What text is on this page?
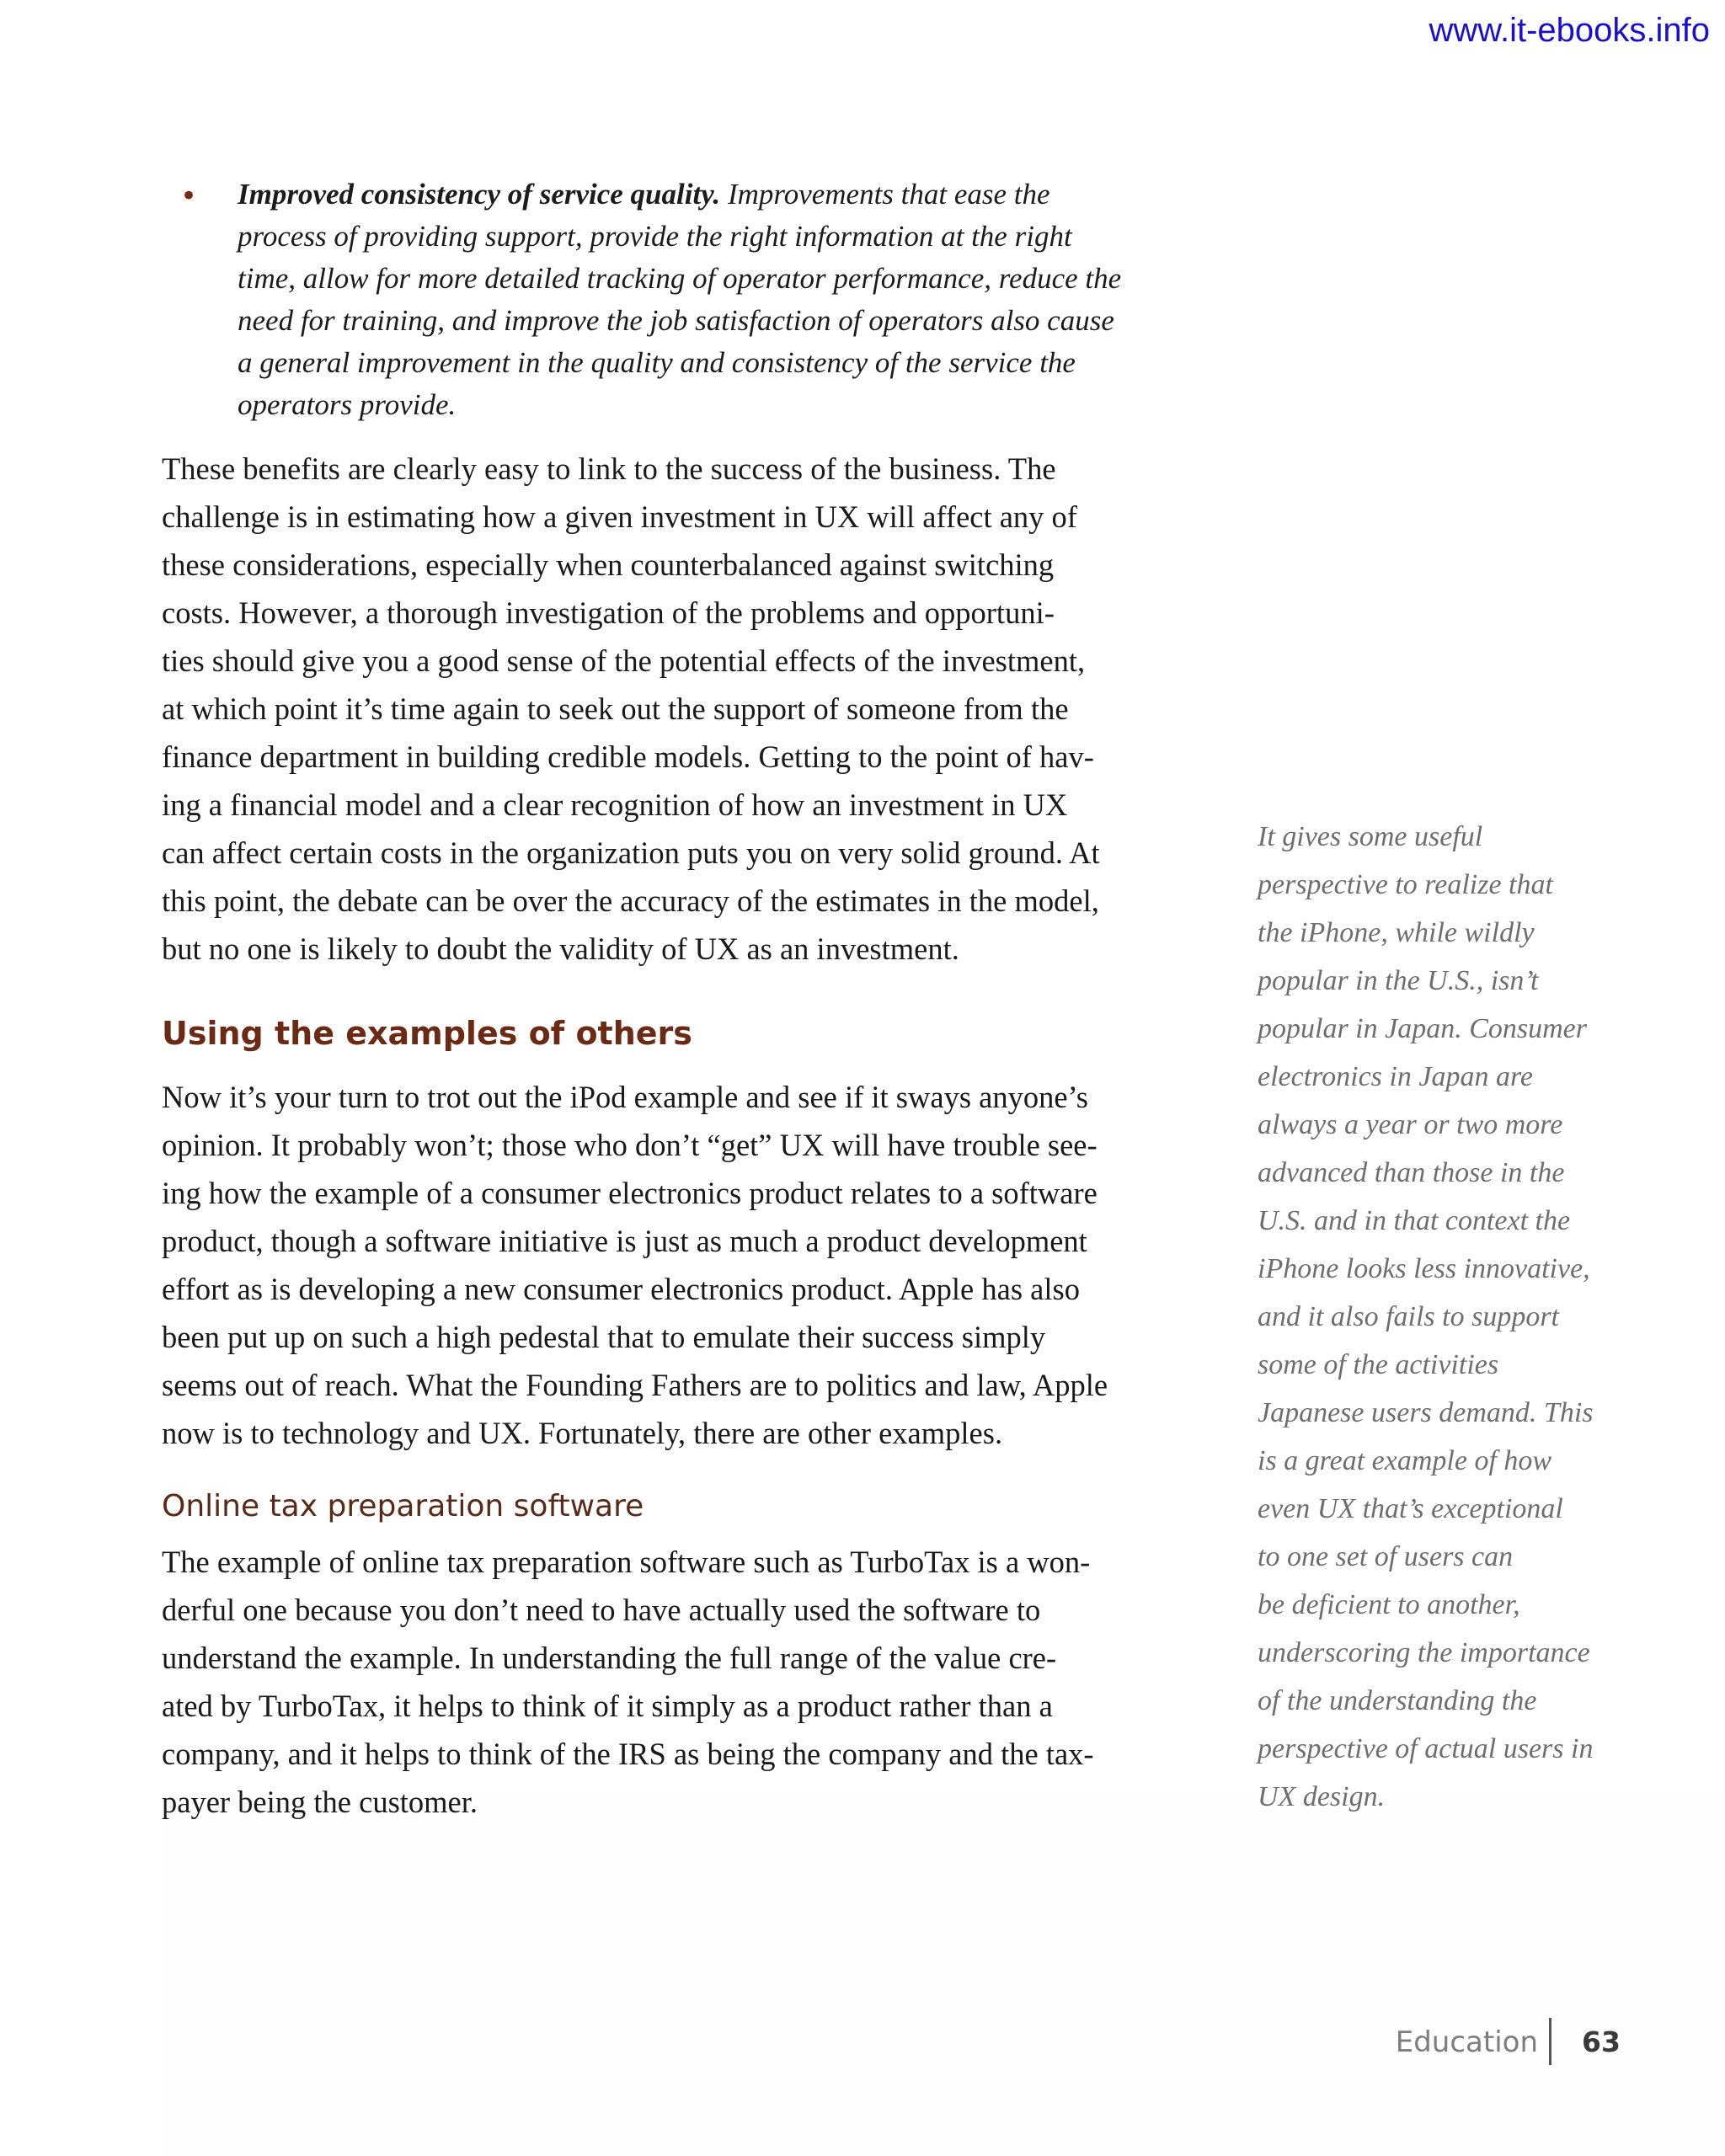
www.it-ebooks.info
• Improved consistency of service quality. Improvements that ease the
process of providing support, provide the right information at the right
time, allow for more detailed tracking of operator performance, reduce the
need for training, and improve the job satisfaction of operators also cause
a general improvement in the quality and consistency of the service the
operators provide.
These benefits are clearly easy to link to the success of the business. The
challenge is in estimating how a given investment in UX will affect any of
these considerations, especially when counterbalanced against switching
costs. However, a thorough investigation of the problems and opportuni-
ties should give you a good sense of the potential effects of the investment,
at which point it’s time again to seek out the support of someone from the
finance department in building credible models. Getting to the point of hav-
ing a financial model and a clear recognition of how an investment in UX
can affect certain costs in the organization puts you on very solid ground. At
this point, the debate can be over the accuracy of the estimates in the model,
but no one is likely to doubt the validity of UX as an investment.
Using the examples of others
Now it’s your turn to trot out the iPod example and see if it sways anyone’s
opinion. It probably won’t; those who don’t “get” UX will have trouble see-
ing how the example of a consumer electronics product relates to a software
product, though a software initiative is just as much a product development
effort as is developing a new consumer electronics product. Apple has also
been put up on such a high pedestal that to emulate their success simply
seems out of reach. What the Founding Fathers are to politics and law, Apple
now is to technology and UX. Fortunately, there are other examples.
Online tax preparation software
The example of online tax preparation software such as TurboTax is a won-
derful one because you don’t need to have actually used the software to
understand the example. In understanding the full range of the value cre-
ated by TurboTax, it helps to think of it simply as a product rather than a
company, and it helps to think of the IRS as being the company and the tax-
payer being the customer.
It gives some useful
perspective to realize that
the iPhone, while wildly
popular in the U.S., isn’t
popular in Japan. Consumer
electronics in Japan are
always a year or two more
advanced than those in the
U.S. and in that context the
iPhone looks less innovative,
and it also fails to support
some of the activities
Japanese users demand. This
is a great example of how
even UX that’s exceptional
to one set of users can
be deficient to another,
underscoring the importance
of the understanding the
perspective of actual users in
UX design.
Education 63
